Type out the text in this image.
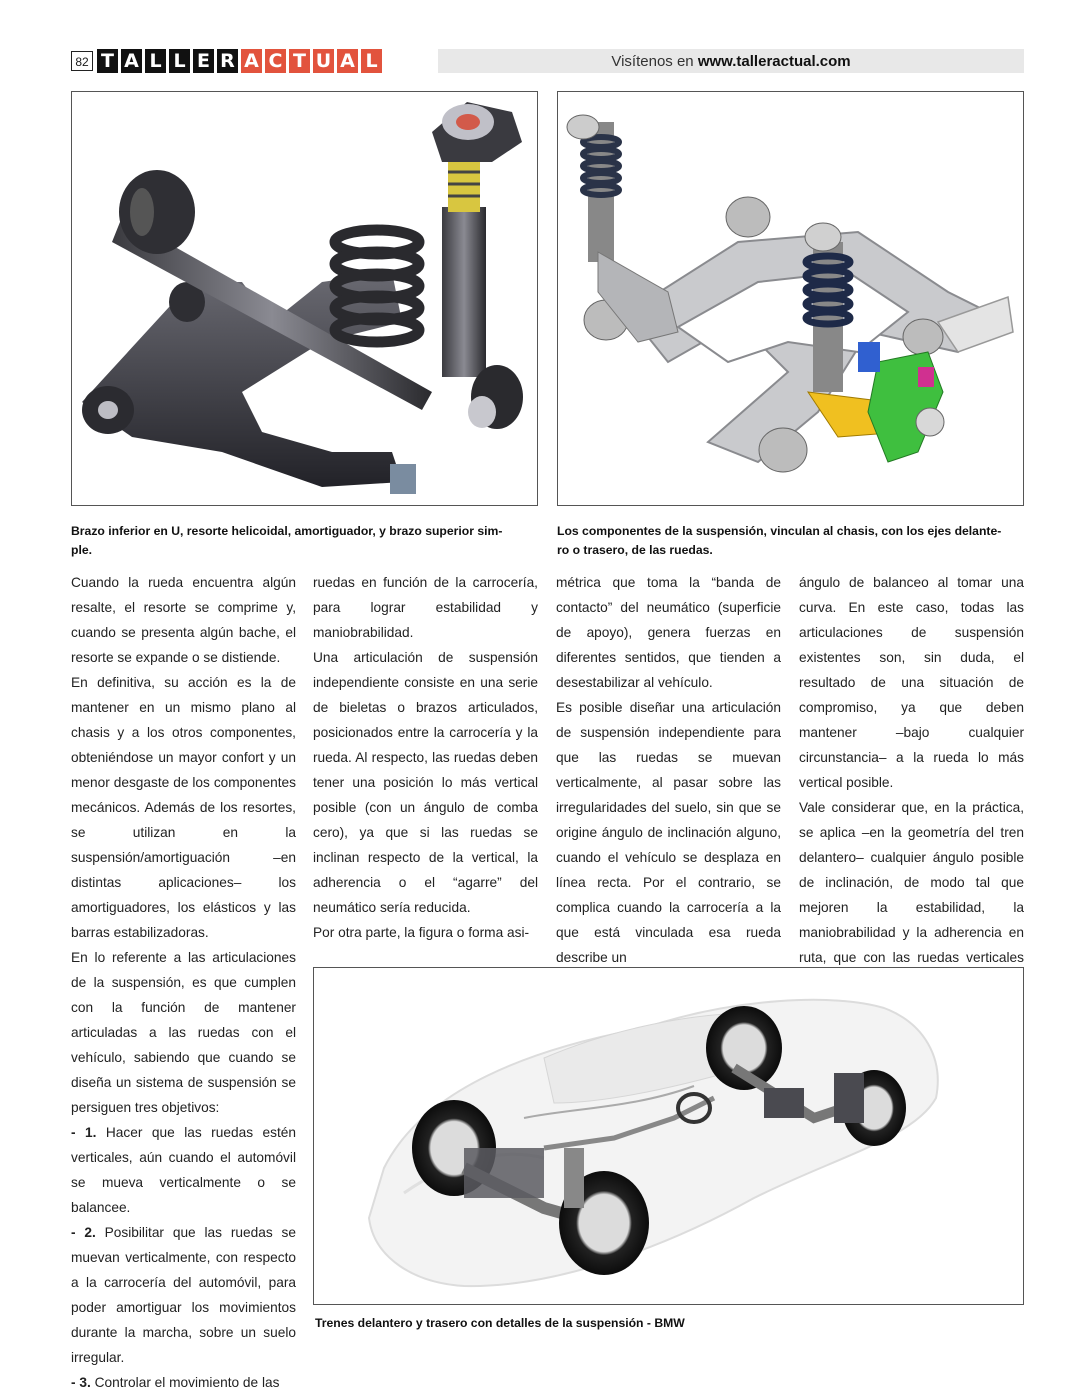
82 T A L L E R A C T U A L	Visítenos en www.talleractual.com
Brazo inferior en U, resorte helicoidal, amortiguador, y brazo superior sim-
ple.
Los componentes de la suspensión, vinculan al chasis, con los ejes delante-
ro o trasero, de las ruedas.

Cuando la rueda encuentra algún resalte, el resorte se comprime y, cuando se presenta algún bache, el resorte se expande o se distiende.

En definitiva, su acción es la de mantener en un mismo plano al chasis y a los otros componentes, obteniéndose un mayor confort y un menor desgaste de los componentes mecánicos. Además de los resortes, se utilizan en la suspensión/amortiguación –en distintas aplicaciones– los amortiguadores, los elásticos y las barras estabilizadoras.

En lo referente a las articulaciones de la suspensión, es que cumplen con la función de mantener articuladas a las ruedas con el vehículo, sabiendo que cuando se diseña un sistema de suspensión se persiguen tres objetivos:

- 1. Hacer que las ruedas estén verticales, aún cuando el automóvil se mueva verticalmente o se balancee.

- 2. Posibilitar que las ruedas se muevan verticalmente, con respecto a la carrocería del automóvil, para poder amortiguar los movimientos durante la marcha, sobre un suelo irregular.

- 3. Controlar el movimiento de las

ruedas en función de la carrocería, para lograr estabilidad y maniobrabilidad.

Una articulación de suspensión independiente consiste en una serie de bieletas o brazos articulados, posicionados entre la carrocería y la rueda. Al respecto, las ruedas deben tener una posición lo más vertical posible (con un ángulo de comba cero), ya que si las ruedas se inclinan respecto de la vertical, la adherencia o el “agarre” del neumático sería reducida.

Por otra parte, la figura o forma asi-

métrica que toma la “banda de contacto” del neumático (superficie de apoyo), genera fuerzas en diferentes sentidos, que tienden a desestabilizar al vehículo.

Es posible diseñar una articulación de suspensión independiente para que las ruedas se muevan verticalmente, al pasar sobre las irregularidades del suelo, sin que se origine ángulo de inclinación alguno, cuando el vehículo se desplaza en línea recta. Por el contrario, se complica cuando la carrocería a la que está vinculada esa rueda describe un

ángulo de balanceo al tomar una curva. En este caso, todas las articulaciones de suspensión existentes son, sin duda, el resultado de una situación de compromiso, ya que deben mantener –bajo cualquier circunstancia– a la rueda lo más vertical posible.

Vale considerar que, en la práctica, se aplica –en la geometría del tren delantero– cualquier ángulo posible de inclinación, de modo tal que mejoren la estabilidad, la maniobrabilidad y la adherencia en ruta, que con las ruedas verticales

Trenes delantero y trasero con detalles de la suspensión - BMW
